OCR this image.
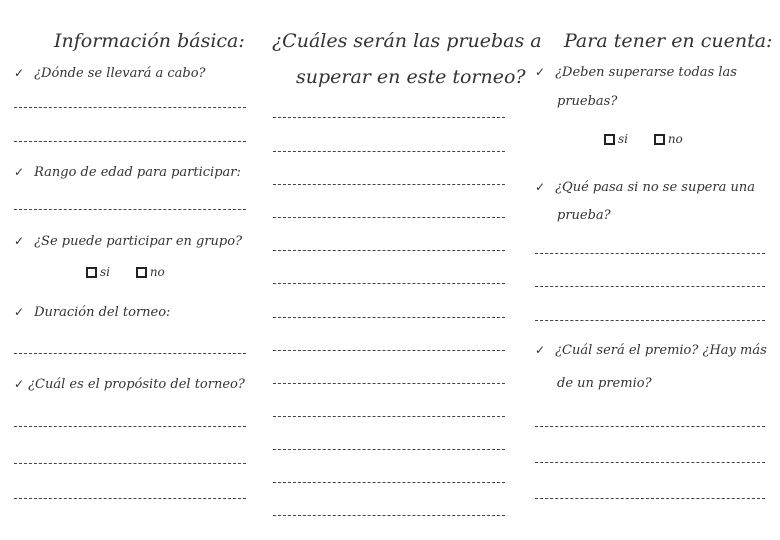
Información básica:
✓ ¿Dónde se llevará a cabo?
✓ Rango de edad para participar:
✓ ¿Se puede participar en grupo?
si	no
✓ Duración del torneo:
✓ ¿Cuál es el propósito del torneo?
¿Cuáles serán las pruebas a
superar en este torneo?
Para tener en cuenta:
✓ ¿Deben superarse todas las
pruebas?
si	no
✓ ¿Qué pasa si no se supera una
prueba?
✓ ¿Cuál será el premio? ¿Hay más
de un premio?
